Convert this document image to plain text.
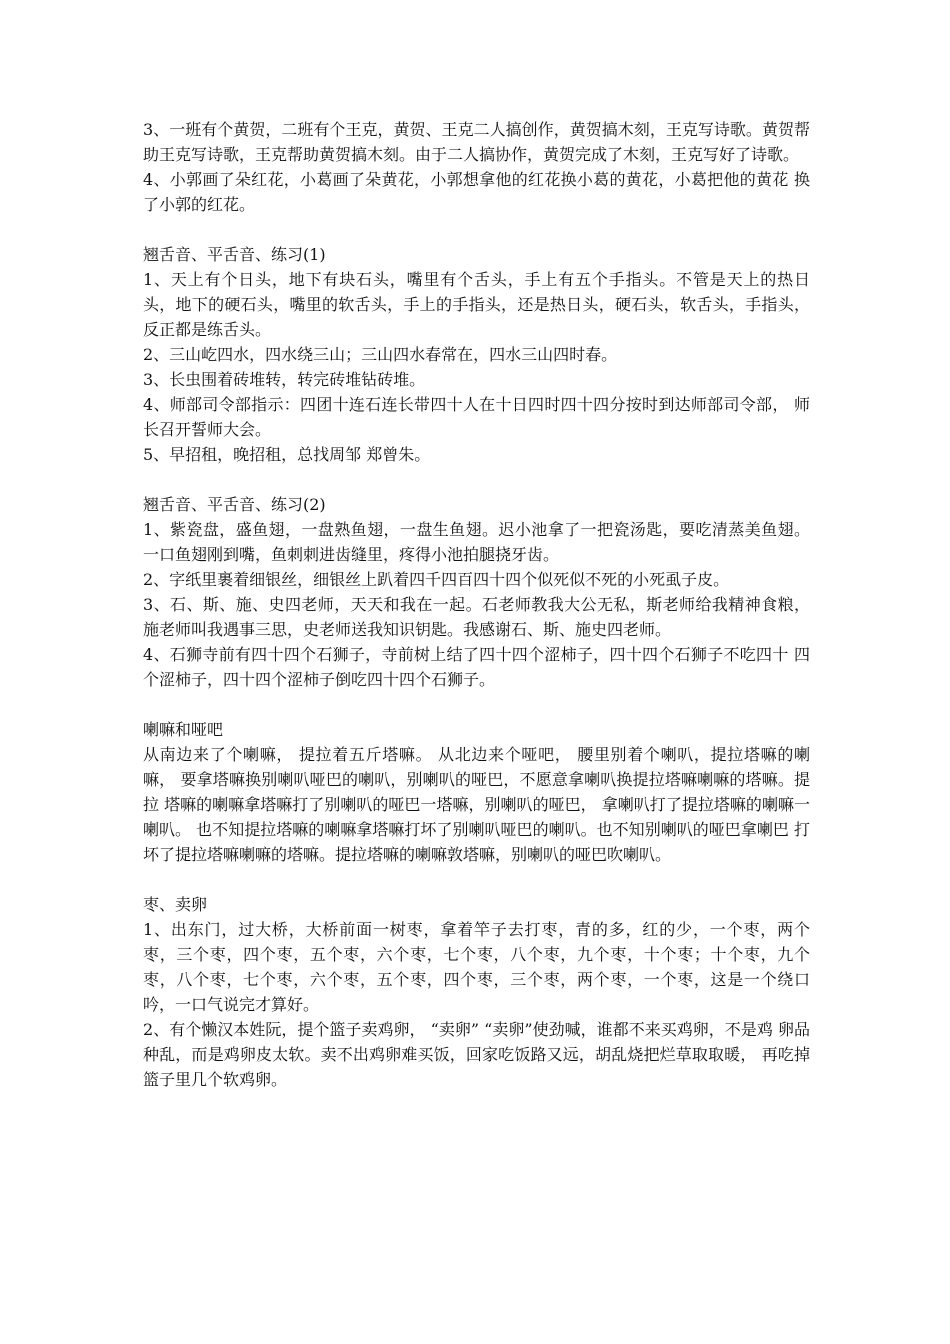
3、一班有个黄贺，二班有个王克，黄贺、王克二人搞创作，黄贺搞木刻，王克写诗歌。黄贺帮助王克写诗歌，王克帮助黄贺搞木刻。由于二人搞协作，黄贺完成了木刻，王克写好了诗歌。

4、小郭画了朵红花，小葛画了朵黄花，小郭想拿他的红花换小葛的黄花，小葛把他的黄花 换了小郭的红花。

翘舌音、平舌音、练习(1)

1、天上有个日头，地下有块石头，嘴里有个舌头，手上有五个手指头。不管是天上的热日 头，地下的硬石头，嘴里的软舌头，手上的手指头，还是热日头，硬石头，软舌头，手指头， 反正都是练舌头。

2、三山屹四水，四水绕三山；三山四水春常在，四水三山四时春。

3、长虫围着砖堆转，转完砖堆钻砖堆。

4、师部司令部指示：四团十连石连长带四十人在十日四时四十四分按时到达师部司令部， 师长召开誓师大会。

5、早招租，晚招租，总找周邹 郑曾朱。

翘舌音、平舌音、练习(2)

1、紫瓷盘，盛鱼翅，一盘熟鱼翅，一盘生鱼翅。迟小池拿了一把瓷汤匙，要吃清蒸美鱼翅。 一口鱼翅刚到嘴，鱼刺刺进齿缝里，疼得小池拍腿挠牙齿。

2、字纸里裹着细银丝，细银丝上趴着四千四百四十四个似死似不死的小死虱子皮。

3、石、斯、施、史四老师，天天和我在一起。石老师教我大公无私，斯老师给我精神食粮， 施老师叫我遇事三思，史老师送我知识钥匙。我感谢石、斯、施史四老师。

4、石狮寺前有四十四个石狮子，寺前树上结了四十四个涩柿子，四十四个石狮子不吃四十 四个涩柿子，四十四个涩柿子倒吃四十四个石狮子。

喇嘛和哑吧

从南边来了个喇嘛， 提拉着五斤塔嘛。 从北边来个哑吧， 腰里别着个喇叭，提拉塔嘛的喇嘛， 要拿塔嘛换别喇叭哑巴的喇叭，别喇叭的哑巴，不愿意拿喇叭换提拉塔嘛喇嘛的塔嘛。提拉 塔嘛的喇嘛拿塔嘛打了别喇叭的哑巴一塔嘛，别喇叭的哑巴， 拿喇叭打了提拉塔嘛的喇嘛一 喇叭。 也不知提拉塔嘛的喇嘛拿塔嘛打坏了别喇叭哑巴的喇叭。也不知别喇叭的哑巴拿喇巴 打坏了提拉塔嘛喇嘛的塔嘛。提拉塔嘛的喇嘛敦塔嘛，别喇叭的哑巴吹喇叭。

枣、卖卵

1、出东门，过大桥，大桥前面一树枣，拿着竿子去打枣，青的多，红的少，一个枣，两个 枣，三个枣，四个枣，五个枣，六个枣，七个枣，八个枣，九个枣，十个枣；十个枣，九个 枣，八个枣，七个枣，六个枣，五个枣，四个枣，三个枣，两个枣，一个枣，这是一个绕口 吟，一口气说完才算好。

2、有个懒汉本姓阮，提个篮子卖鸡卵， “卖卵” “卖卵”使劲喊，谁都不来买鸡卵，不是鸡 卵品种乱，而是鸡卵皮太软。卖不出鸡卵难买饭，回家吃饭路又远，胡乱烧把烂草取取暖， 再吃掉篮子里几个软鸡卵。
